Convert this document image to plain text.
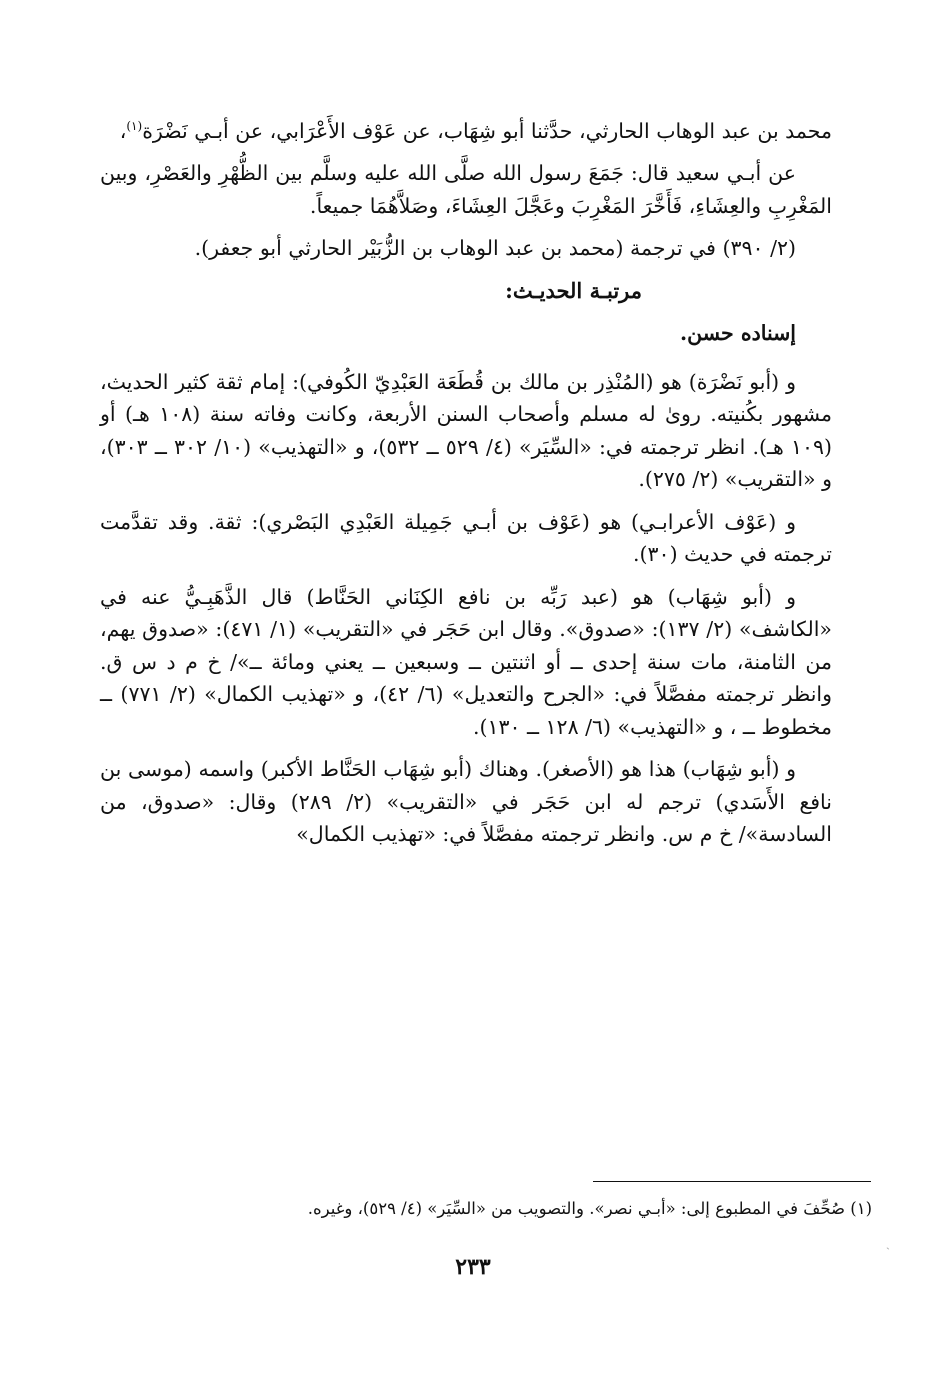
محمد بن عبد الوهاب الحارثي، حدَّثنا أبو شِهَاب، عن عَوْف الأَعْرَابي، عن أبـي نَضْرَة$^{(١)}$،

عن أبـي سعيد قال: جَمَعَ رسول الله صلَّى الله عليه وسلَّم بين الظُّهْرِ والعَصْرِ، وبين المَغْرِبِ والعِشَاءِ، فَأَخَّرَ المَغْرِبَ وعَجَّلَ العِشَاءَ، وصَلاَّهُمَا جميعاً.

(٢/ ٣٩٠) في ترجمة (محمد بن عبد الوهاب بن الزُّبَيْر الحارثي أبو جعفر).

مرتبـة الحديـث:

إسناده حسن.

و (أبو نَضْرَة) هو (المُنْذِر بن مالك بن قُطَعَة العَبْدِيّ الكُوفي): إمام ثقة كثير الحديث، مشهور بكُنيته. روىٰ له مسلم وأصحاب السنن الأربعة، وكانت وفاته سنة (١٠٨ هـ) أو (١٠٩ هـ). انظر ترجمته في: «السِّيَر» (٤/ ٥٢٩ ــ ٥٣٢)، و «التهذيب» (١٠/ ٣٠٢ ــ ٣٠٣)، و «التقريب» (٢/ ٢٧٥).

و (عَوْف الأعرابـي) هو (عَوْف بن أبـي جَمِيلة العَبْدِي البَصْري): ثقة. وقد تقدَّمت ترجمته في حديث (٣٠).

و (أبو شِهَاب) هو (عبد رَبِّه بن نافع الكِنَاني الحَنَّاط) قال الذَّهَبِـيُّ عنه في «الكاشف» (٢/ ١٣٧): «صدوق». وقال ابن حَجَر في «التقريب» (١/ ٤٧١): «صدوق يهم، من الثامنة، مات سنة إحدى ــ أو اثنتين ــ وسبعين ــ يعني ومائة ــ»/ خ م د س ق. وانظر ترجمته مفصَّلاً في: «الجرح والتعديل» (٦/ ٤٢)، و «تهذيب الكمال» (٢/ ٧٧١) ــ مخطوط ــ ، و «التهذيب» (٦/ ١٢٨ ــ ١٣٠).

و (أبو شِهَاب) هذا هو (الأصغر). وهناك (أبو شِهَاب الحَنَّاط الأكبر) واسمه (موسى بن نافع الأَسَدي) ترجم له ابن حَجَر في «التقريب» (٢/ ٢٨٩) وقال: «صدوق، من السادسة»/ خ م س. وانظر ترجمته مفصَّلاً في: «تهذيب الكمال»

(١) صُحِّفَ في المطبوع إلى: «أبـي نصر». والتصويب من «السِّيَر» (٤/ ٥٢٩)، وغيره.
ˏ
٢٣٣
